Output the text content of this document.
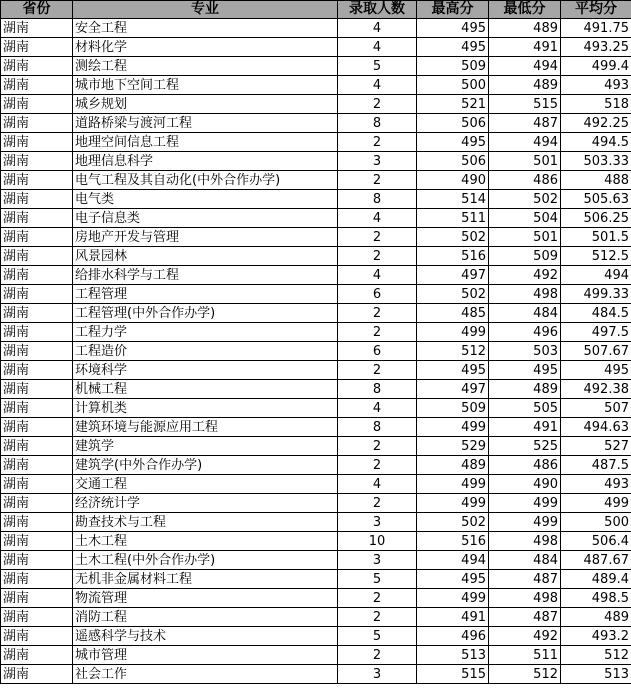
省份	专业	录取人数	最高分	最低分	平均分
湖南	安全工程	4	495	489	491.75
湖南	材料化学	4	495	491	493.25
湖南	测绘工程	5	509	494	499.4
湖南	城市地下空间工程	4	500	489	493
湖南	城乡规划	2	521	515	518
湖南	道路桥梁与渡河工程	8	506	487	492.25
湖南	地理空间信息工程	2	495	494	494.5
湖南	地理信息科学	3	506	501	503.33
湖南	电气工程及其自动化(中外合作办学)	2	490	486	488
湖南	电气类	8	514	502	505.63
湖南	电子信息类	4	511	504	506.25
湖南	房地产开发与管理	2	502	501	501.5
湖南	风景园林	2	516	509	512.5
湖南	给排水科学与工程	4	497	492	494
湖南	工程管理	6	502	498	499.33
湖南	工程管理(中外合作办学)	2	485	484	484.5
湖南	工程力学	2	499	496	497.5
湖南	工程造价	6	512	503	507.67
湖南	环境科学	2	495	495	495
湖南	机械工程	8	497	489	492.38
湖南	计算机类	4	509	505	507
湖南	建筑环境与能源应用工程	8	499	491	494.63
湖南	建筑学	2	529	525	527
湖南	建筑学(中外合作办学)	2	489	486	487.5
湖南	交通工程	4	499	490	493
湖南	经济统计学	2	499	499	499
湖南	勘查技术与工程	3	502	499	500
湖南	土木工程	10	516	498	506.4
湖南	土木工程(中外合作办学)	3	494	484	487.67
湖南	无机非金属材料工程	5	495	487	489.4
湖南	物流管理	2	499	498	498.5
湖南	消防工程	2	491	487	489
湖南	遥感科学与技术	5	496	492	493.2
湖南	城市管理	2	513	511	512
湖南	社会工作	3	515	512	513
